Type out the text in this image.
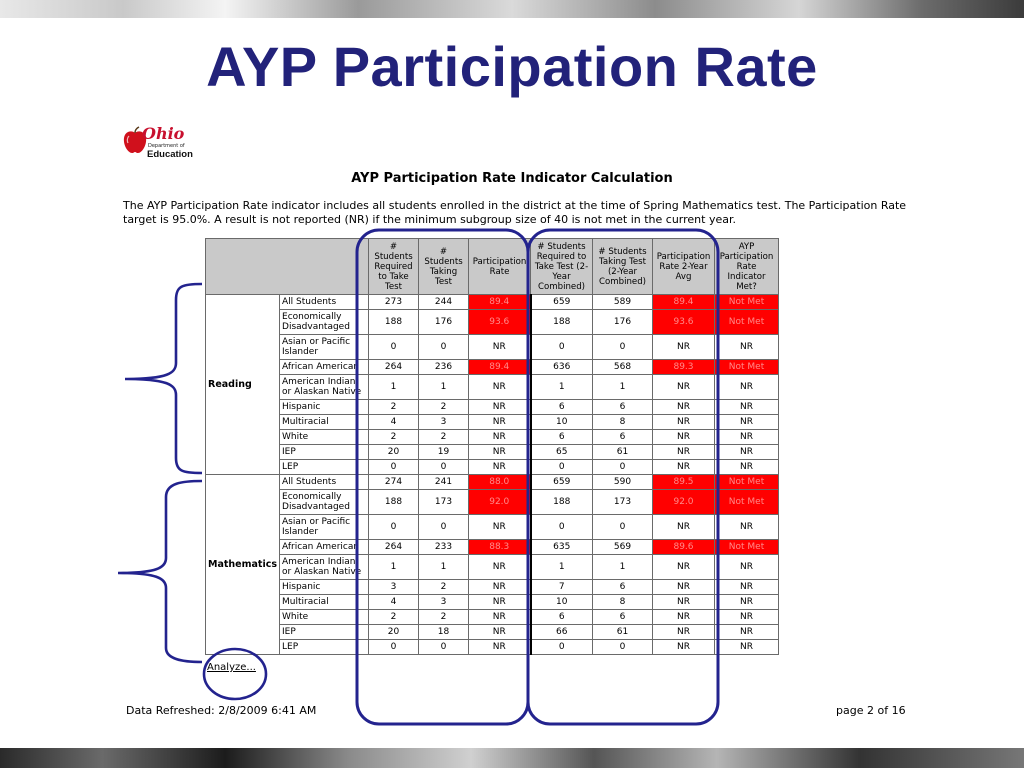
AYP Participation Rate
Ohio
Department of
Education
AYP Participation Rate Indicator Calculation

The AYP Participation Rate indicator includes all students enrolled in the district at the time of Spring Mathematics test. The Participation Rate target is 95.0%. A result is not reported (NR) if the minimum subgroup size of 40 is not met in the current year.

		# Students Required to Take Test	# Students Taking Test	Participation Rate	# Students Required to Take Test (2-Year Combined)	# Students Taking Test (2-Year Combined)	Participation Rate 2-Year Avg	AYP Participation Rate Indicator Met?
Reading	All Students	273	244	89.4	659	589	89.4	Not Met
	Economically Disadvantaged	188	176	93.6	188	176	93.6	Not Met
	Asian or Pacific Islander	0	0	NR	0	0	NR	NR
	African American	264	236	89.4	636	568	89.3	Not Met
	American Indian or Alaskan Native	1	1	NR	1	1	NR	NR
	Hispanic	2	2	NR	6	6	NR	NR
	Multiracial	4	3	NR	10	8	NR	NR
	White	2	2	NR	6	6	NR	NR
	IEP	20	19	NR	65	61	NR	NR
	LEP	0	0	NR	0	0	NR	NR
Mathematics	All Students	274	241	88.0	659	590	89.5	Not Met
	Economically Disadvantaged	188	173	92.0	188	173	92.0	Not Met
	Asian or Pacific Islander	0	0	NR	0	0	NR	NR
	African American	264	233	88.3	635	569	89.6	Not Met
	American Indian or Alaskan Native	1	1	NR	1	1	NR	NR
	Hispanic	3	2	NR	7	6	NR	NR
	Multiracial	4	3	NR	10	8	NR	NR
	White	2	2	NR	6	6	NR	NR
	IEP	20	18	NR	66	61	NR	NR
	LEP	0	0	NR	0	0	NR	NR
Analyze...
Data Refreshed: 2/8/2009 6:41 AM	page 2 of 16
